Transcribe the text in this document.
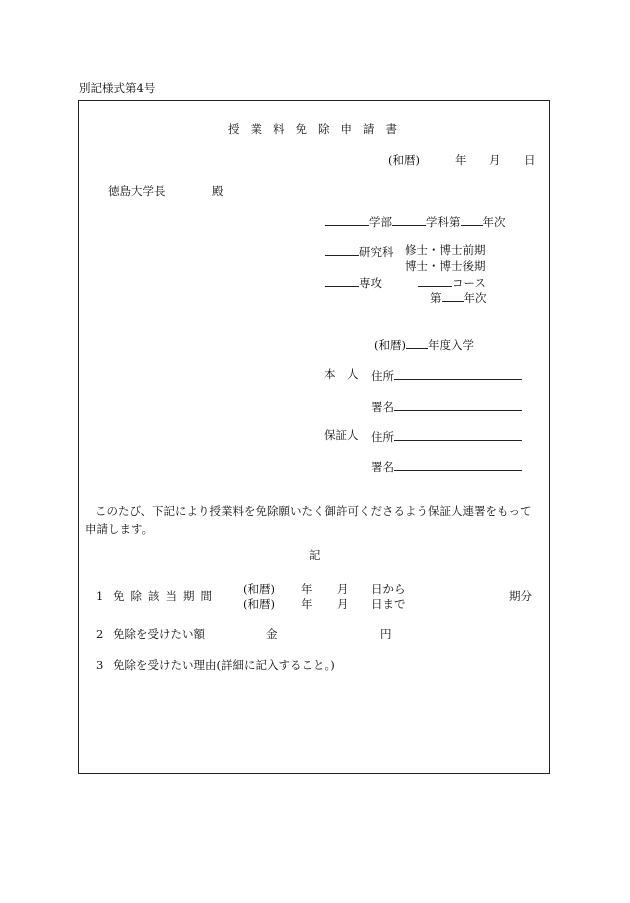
別記様式第4号
授業料免除申請書
(和暦)	年 月 日
徳島大学長	殿
学部	学科第 年次
研究科 修士・博士前期
博士・博士後期
専攻	コース
第 年次
(和暦) 年度入学
本　人 住所
署名
保証人 住所
署名
このたび、下記により授業料を免除願いたく御許可くださるよう保証人連署をもって申請します。
記
1 免除該当期間 (和暦) 年 月 日から
(和暦) 年 月 日まで
期分
2 免除を受けたい額	金	円
3 免除を受けたい理由(詳細に記入すること。)
